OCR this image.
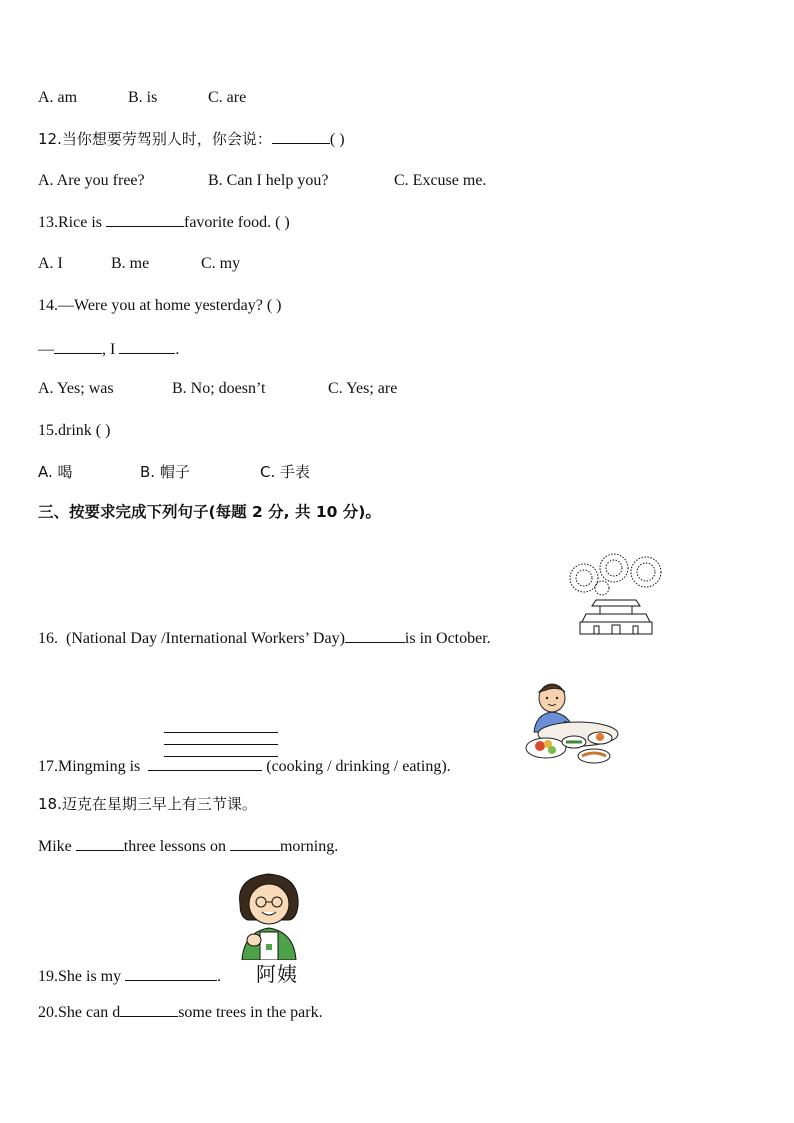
A. am	B. is	C. are
12.当你想要劳驾别人时，你会说：	( )
A. Are you free?	B. Can I help you?	C. Excuse me.
13.Rice is	favorite food. ( )
A. I	B. me	C. my
14.—Were you at home yesterday? ( )
—	, I	.
A. Yes; was	B. No; doesn’t	C. Yes; are
15.drink ( )
A. 喝	B. 帽子	C. 手表
三、按要求完成下列句子(每题 2 分, 共 10 分)。
16. (National Day /International Workers’ Day)	is in October.
17.Mingming is	(cooking / drinking / eating).
18.迈克在星期三早上有三节课。
Mike	three lessons on	morning.
阿姨
19.She is my	.
20.She can d	some trees in the park.
